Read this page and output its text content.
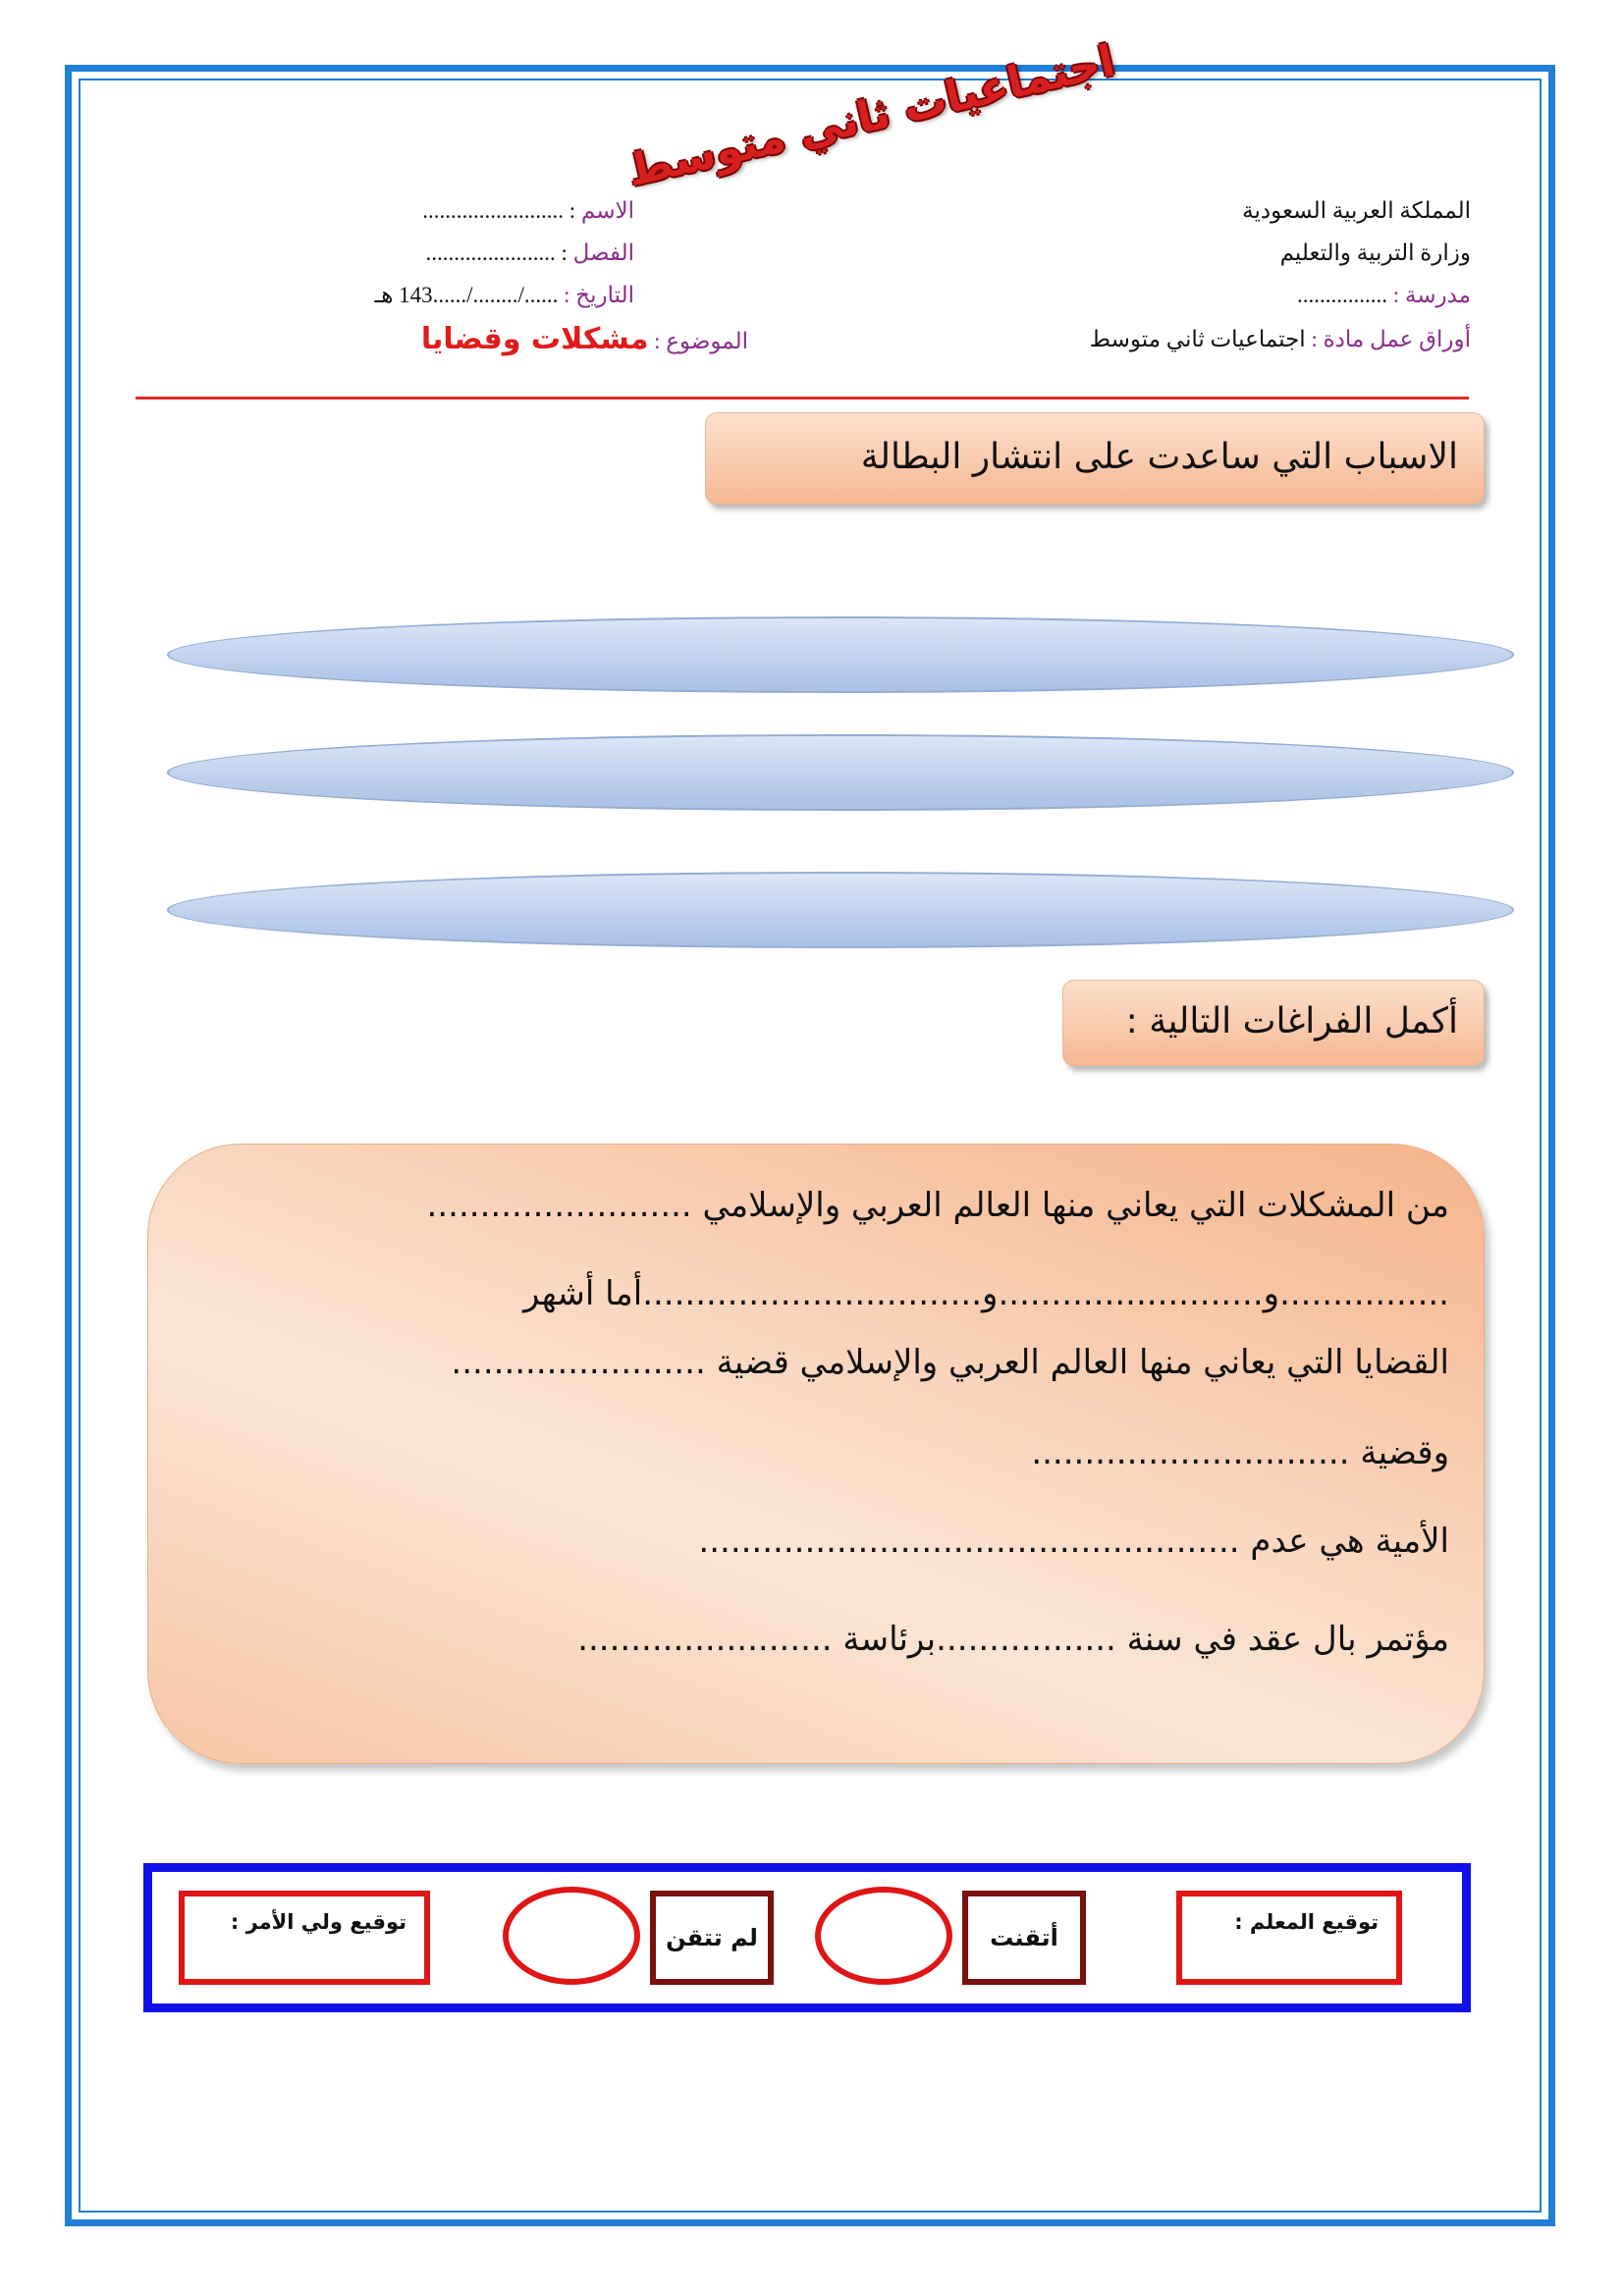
اجتماعيات ثاني متوسط
المملكة العربية السعودية
وزارة التربية والتعليم
مدرسة : ................
أوراق عمل مادة : اجتماعيات ثاني متوسط
الاسم : .........................
الفصل : .......................
التاريخ : ....../......../......143 هـ
الموضوع : مشكلات وقضايا
الاسباب التي ساعدت على انتشار البطالة
أكمل الفراغات التالية :
من المشكلات التي يعاني منها العالم العربي والإسلامي .........................
................و.........................و................................أما أشهر
القضايا التي يعاني منها العالم العربي والإسلامي قضية ........................
وقضية ..............................
الأمية هي عدم ...................................................
مؤتمر بال عقد في سنة .................برئاسة ........................
توقيع المعلم :
أتقنت
لم تتقن
توقيع ولي الأمر :
